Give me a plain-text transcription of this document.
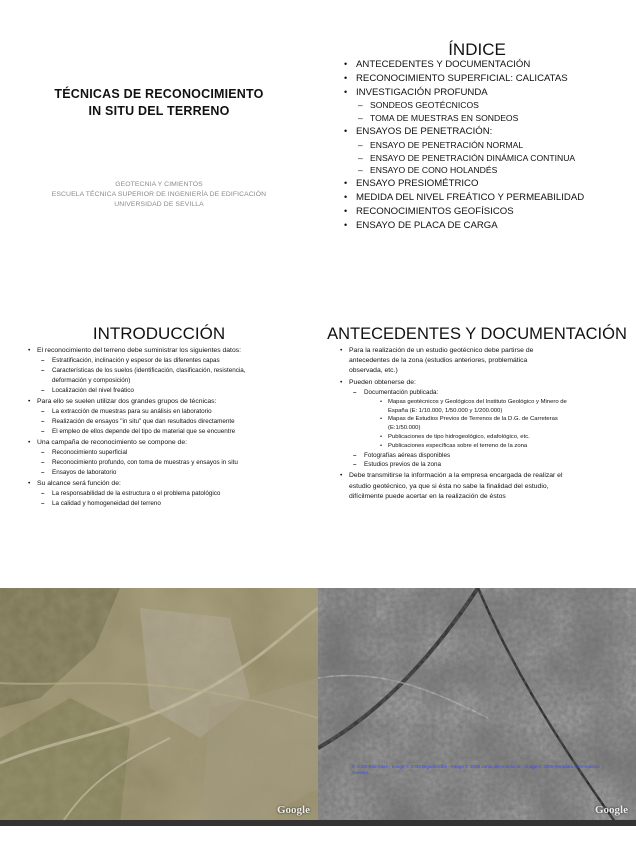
TÉCNICAS DE RECONOCIMIENTO
IN SITU DEL TERRENO
GEOTECNIA Y CIMIENTOS
ESCUELA TÉCNICA SUPERIOR DE INGENIERÍA DE EDIFICACIÓN
UNIVERSIDAD DE SEVILLA
ÍNDICE
• ANTECEDENTES Y DOCUMENTACIÓN
• RECONOCIMIENTO SUPERFICIAL: CALICATAS
• INVESTIGACIÓN PROFUNDA
– SONDEOS GEOTÉCNICOS
– TOMA DE MUESTRAS EN SONDEOS
• ENSAYOS DE PENETRACIÓN:
– ENSAYO DE PENETRACIÓN NORMAL
– ENSAYO DE PENETRACIÓN DINÁMICA CONTINUA
– ENSAYO DE CONO HOLANDÉS
• ENSAYO PRESIOMÉTRICO
• MEDIDA DEL NIVEL FREÁTICO Y PERMEABILIDAD
• RECONOCIMIENTOS GEOFÍSICOS
• ENSAYO DE PLACA DE CARGA
INTRODUCCIÓN
• El reconocimiento del terreno debe suministrar los siguientes datos:
– Estratificación, inclinación y espesor de las diferentes capas
– Características de los suelos (identificación, clasificación, resistencia,
deformación y composición)
– Localización del nivel freático
• Para ello se suelen utilizar dos grandes grupos de técnicas:
– La extracción de muestras para su análisis en laboratorio
– Realización de ensayos "in situ" que dan resultados directamente
– El empleo de ellos depende del tipo de material que se encuentre
• Una campaña de reconocimiento se compone de:
– Reconocimiento superficial
– Reconocimiento profundo, con toma de muestras y ensayos in situ
– Ensayos de laboratorio
• Su alcance será función de:
– La responsabilidad de la estructura o el problema patológico
– La calidad y homogeneidad del terreno
ANTECEDENTES Y DOCUMENTACIÓN
• Para la realización de un estudio geotécnico debe partirse de
antecedentes de la zona (estudios anteriores, problemática
observada, etc.)
• Pueden obtenerse de:
– Documentación publicada:
• Mapas geotécnicos y Geológicos del Instituto Geológico y Minero de
España (E: 1/10.000, 1/50.000 y 1/200.000)
• Mapas de Estudios Previos de Terrenos de la D.G. de Carreteras
(E:1/50.000)
• Publicaciones de tipo hidrogeológico, edafológico, etc.
• Publicaciones específicas sobre el terreno de la zona
– Fotografías aéreas disponibles
– Estudios previos de la zona
• Debe transmitirse la información a la empresa encargada de realizar el
estudio geotécnico, ya que si ésta no sabe la finalidad del estudio,
difícilmente puede acertar en la realización de éstos
Google
© 2009 Tele Atlas · Image © 2009 DigitalGlobe · Image © 2009 Junta de Andalucía · Image © 2009 Aerodata International Surveys
Google
